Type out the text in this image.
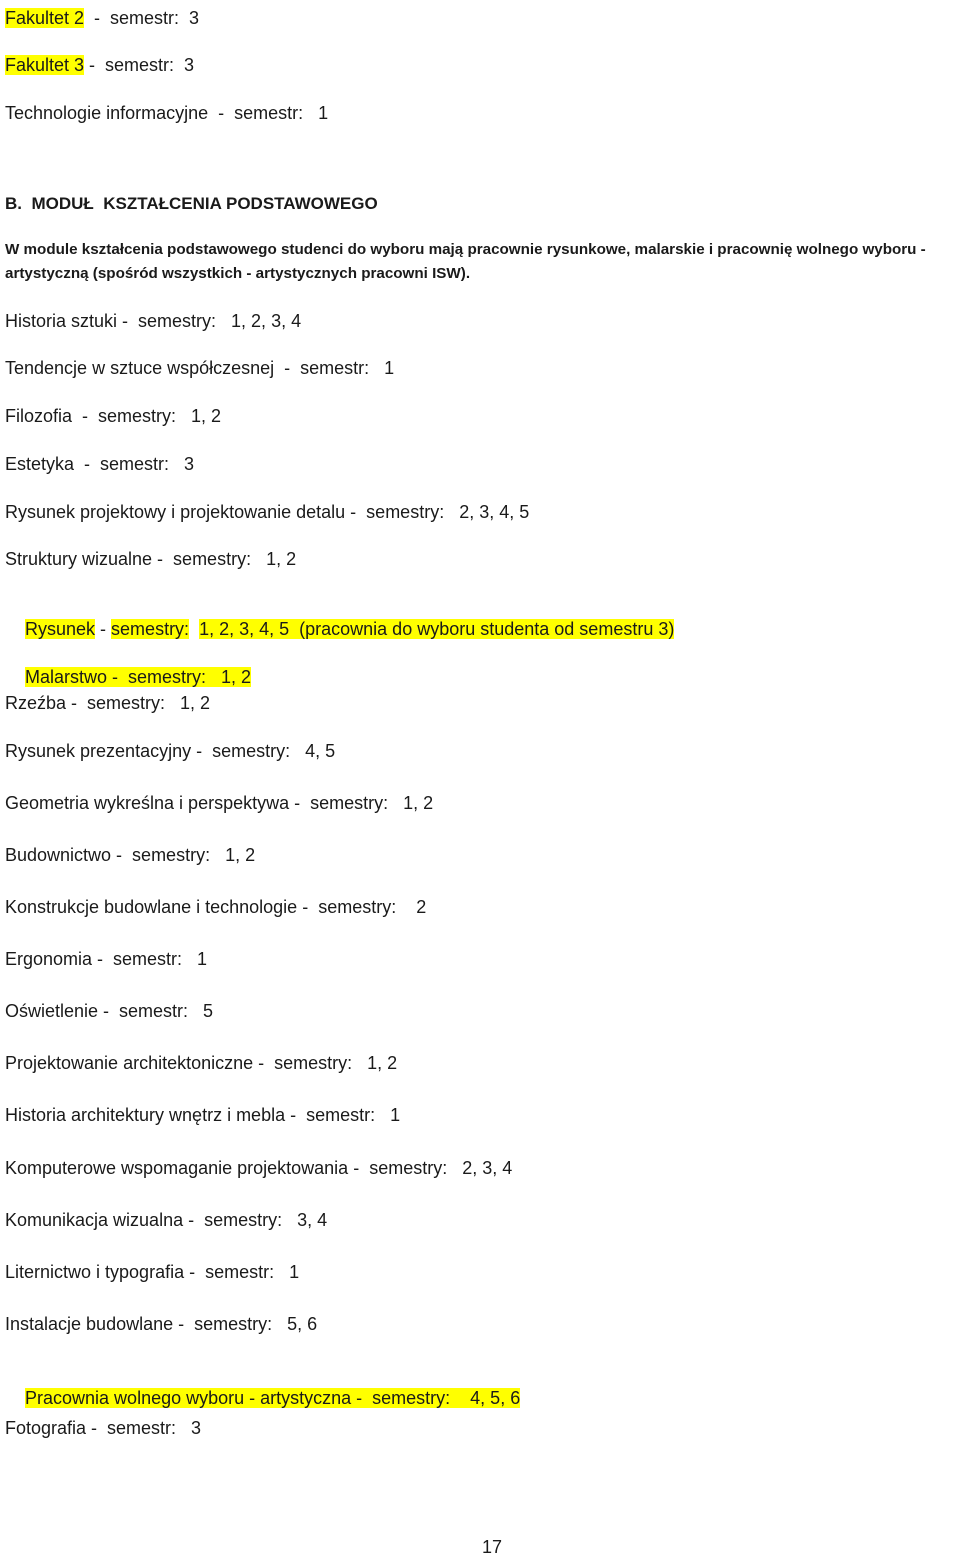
Fakultet 2  -  semestr:  3
Fakultet 3 -  semestr:  3
Technologie informacyjne  -  semestr:   1
B.  MODUŁ  KSZTAŁCENIA PODSTAWOWEGO
W module kształcenia podstawowego studenci do wyboru mają pracownie rysunkowe, malarskie i pracownię wolnego wyboru - artystyczną (spośród wszystkich - artystycznych pracowni ISW).
Historia sztuki -  semestry:   1, 2, 3, 4
Tendencje w sztuce współczesnej  -  semestr:   1
Filozofia  -  semestry:   1, 2
Estetyka  -  semestr:   3
Rysunek projektowy i projektowanie detalu -  semestry:   2, 3, 4, 5
Struktury wizualne -  semestry:   1, 2

Rysunek - semestry: 1, 2, 3, 4, 5  (pracownia do wyboru studenta od semestru 3)

Malarstwo -  semestry:   1, 2

Rzeźba -  semestry:   1, 2
Rysunek prezentacyjny -  semestry:   4, 5
Geometria wykreślna i perspektywa -  semestry:   1, 2
Budownictwo -  semestry:   1, 2
Konstrukcje budowlane i technologie -  semestry:    2
Ergonomia -  semestr:   1
Oświetlenie -  semestr:   5
Projektowanie architektoniczne -  semestry:   1, 2
Historia architektury wnętrz i mebla -  semestr:   1
Komputerowe wspomaganie projektowania -  semestry:   2, 3, 4
Komunikacja wizualna -  semestry:   3, 4
Liternictwo i typografia -  semestr:   1
Instalacje budowlane -  semestry:   5, 6

Pracownia wolnego wyboru - artystyczna -  semestry:    4, 5, 6

Fotografia -  semestr:   3
17
